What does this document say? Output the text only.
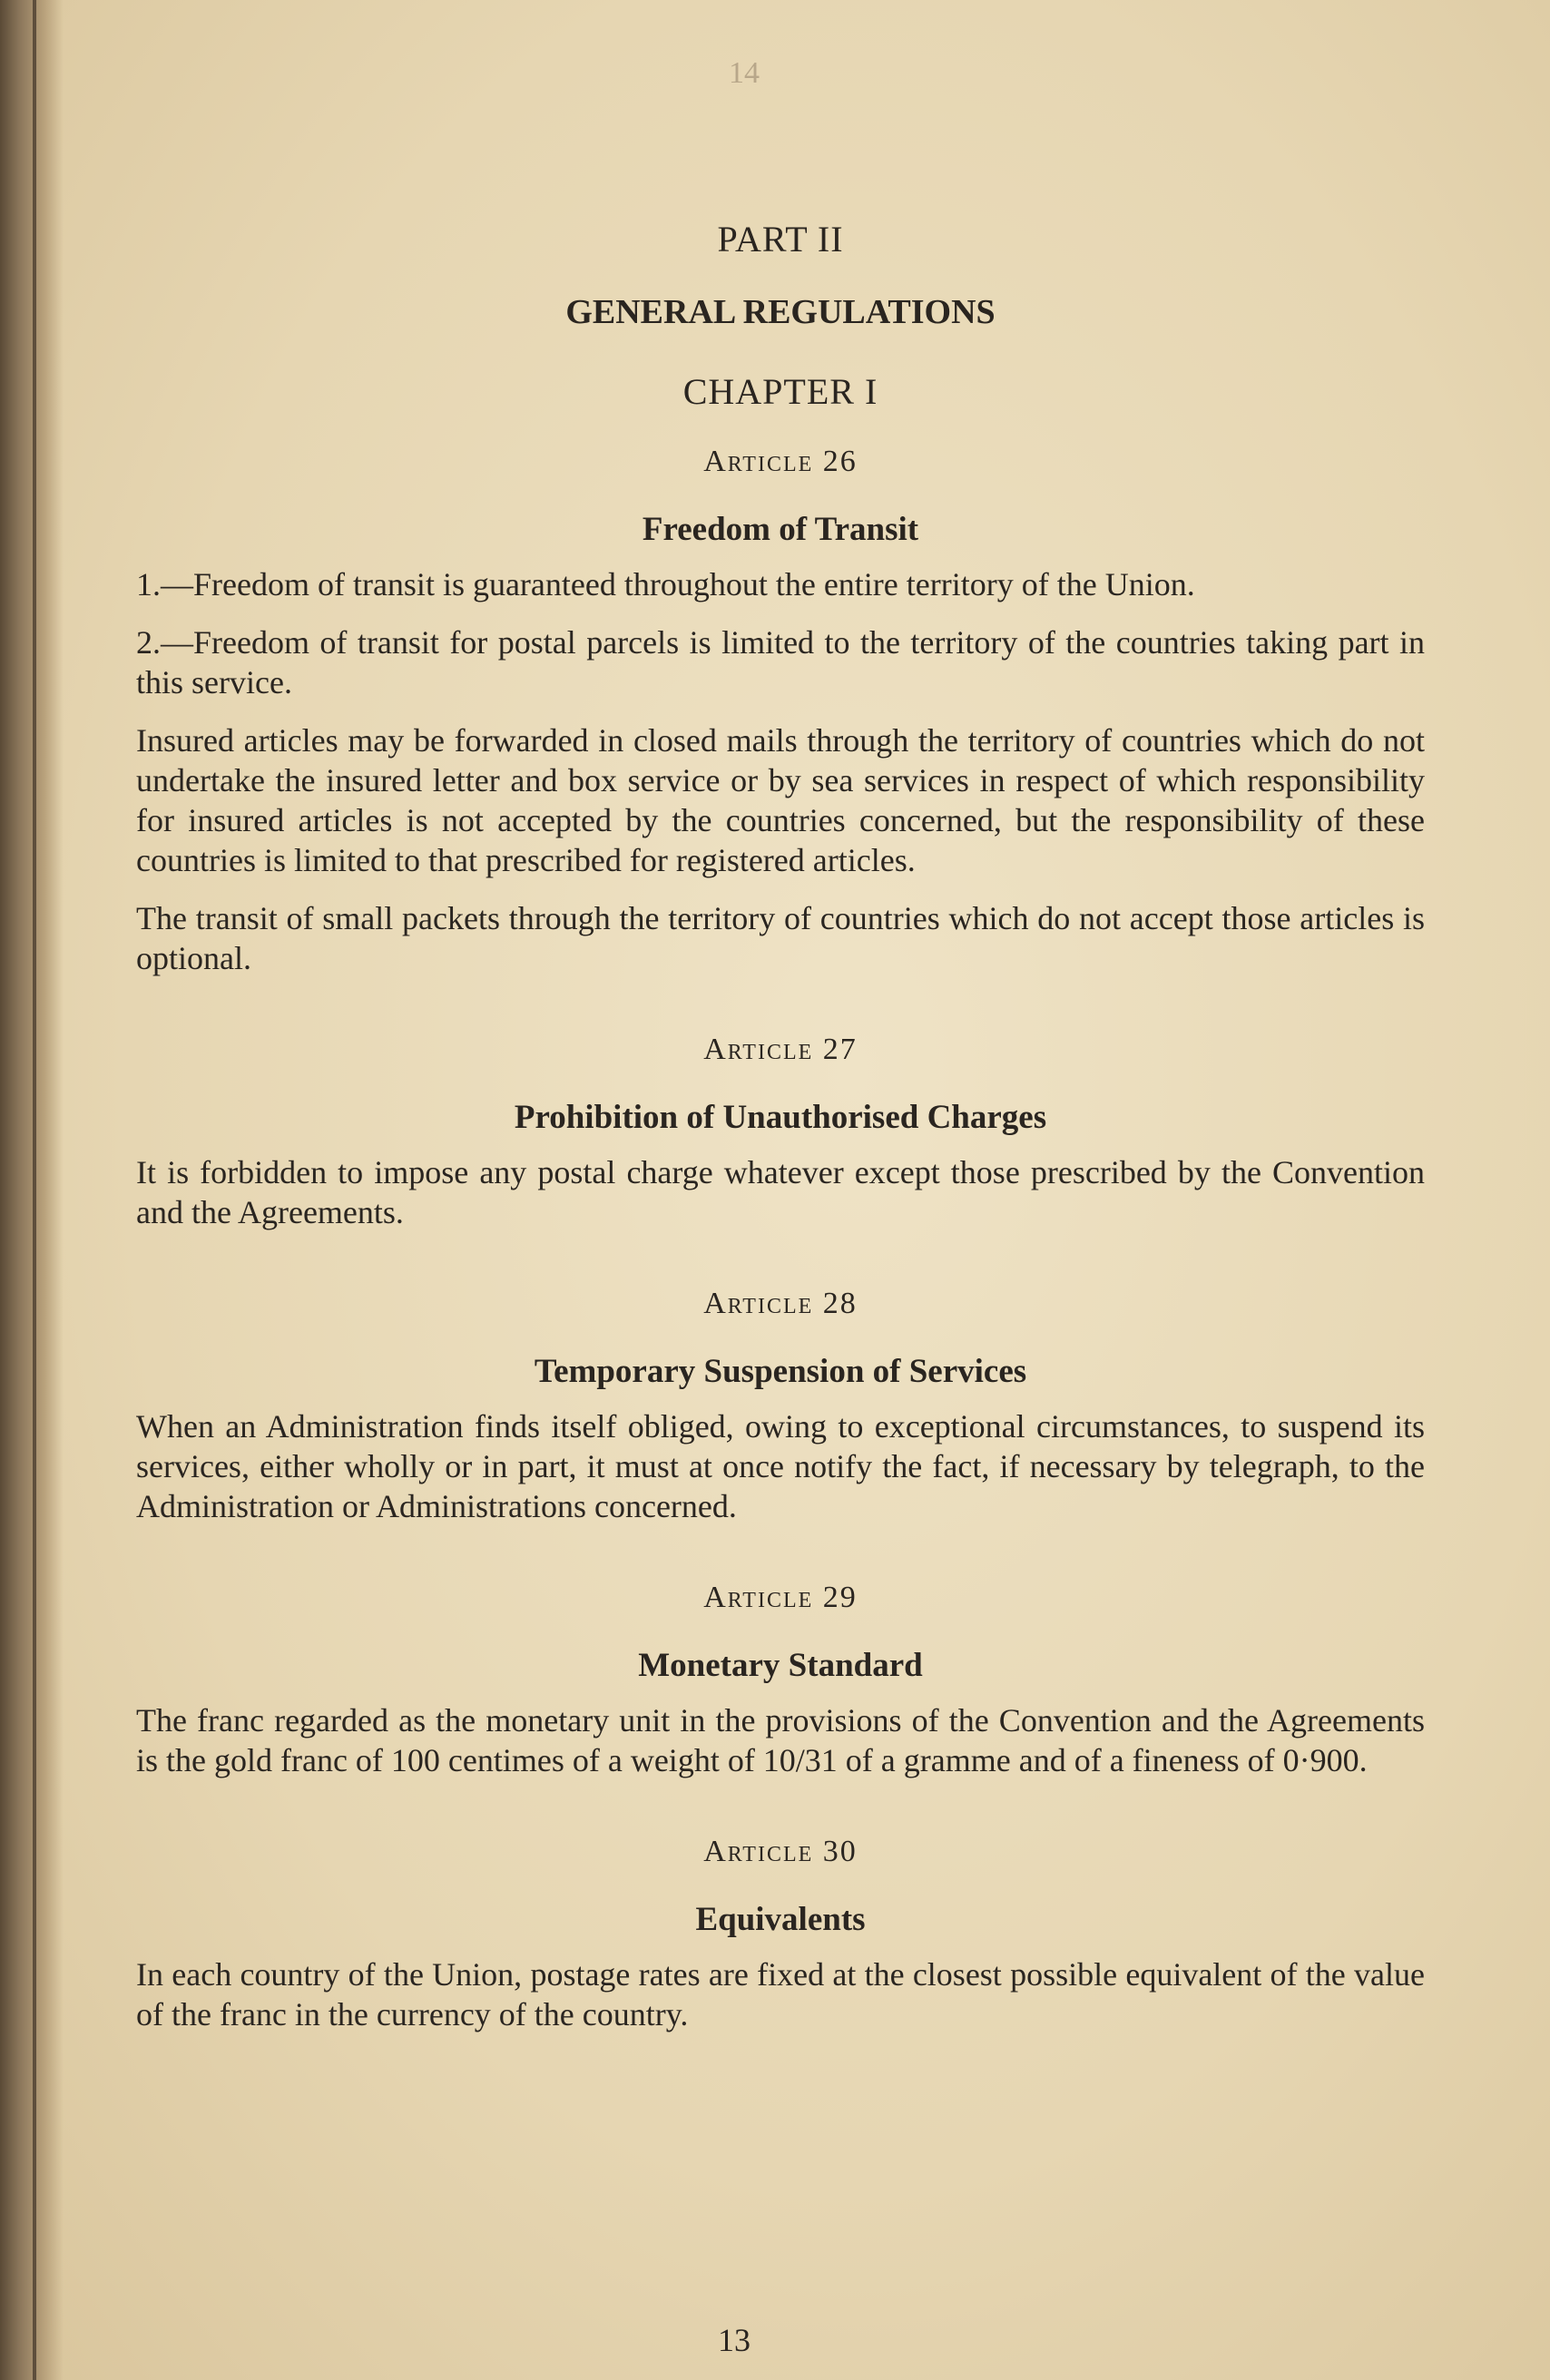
14
PART II
GENERAL REGULATIONS
CHAPTER I
Article 26
Freedom of Transit

1.—Freedom of transit is guaranteed throughout the entire territory of the Union.

2.—Freedom of transit for postal parcels is limited to the territory of the countries taking part in this service.

Insured articles may be forwarded in closed mails through the territory of countries which do not undertake the insured letter and box service or by sea services in respect of which responsibility for insured articles is not accepted by the countries concerned, but the responsibility of these countries is limited to that prescribed for registered articles.

The transit of small packets through the territory of countries which do not accept those articles is optional.

Article 27
Prohibition of Unauthorised Charges

It is forbidden to impose any postal charge whatever except those prescribed by the Convention and the Agreements.

Article 28
Temporary Suspension of Services

When an Administration finds itself obliged, owing to exceptional circumstances, to suspend its services, either wholly or in part, it must at once notify the fact, if necessary by telegraph, to the Administration or Administrations concerned.

Article 29
Monetary Standard

The franc regarded as the monetary unit in the provisions of the Convention and the Agreements is the gold franc of 100 centimes of a weight of 10/31 of a gramme and of a fineness of 0·900.

Article 30
Equivalents

In each country of the Union, postage rates are fixed at the closest possible equivalent of the value of the franc in the currency of the country.

13
